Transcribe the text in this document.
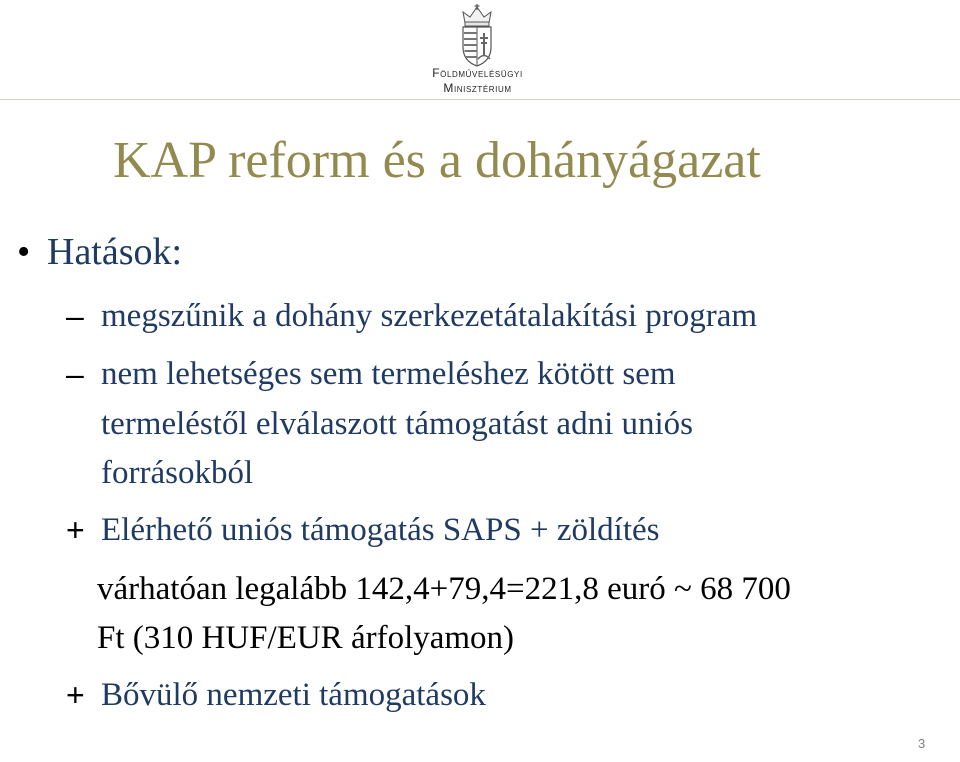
Földművelésügyi
Minisztérium
KAP reform és a dohányágazat
• Hatások:
– megszűnik a dohány szerkezetátalakítási program
– nem lehetséges sem termeléshez kötött sem
termeléstől elválaszott támogatást adni uniós
forrásokból
+ Elérhető uniós támogatás SAPS + zöldítés
várhatóan legalább 142,4+79,4=221,8 euró ~ 68 700
Ft (310 HUF/EUR árfolyamon)
+ Bővülő nemzeti támogatások
3
